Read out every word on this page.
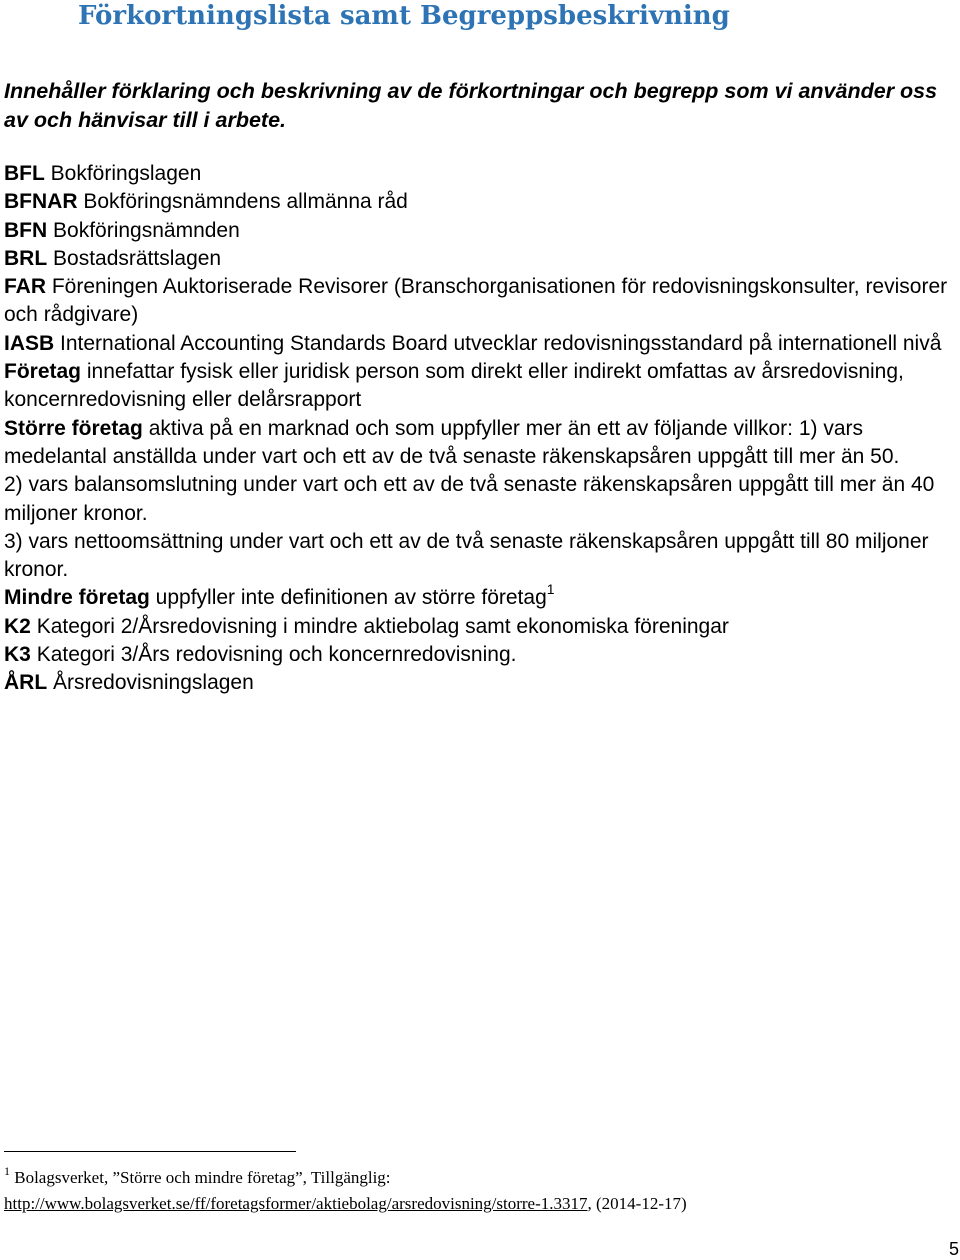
Förkortningslista samt Begreppsbeskrivning

Innehåller förklaring och beskrivning av de förkortningar och begrepp som vi använder oss av och hänvisar till i arbete.

BFL Bokföringslagen
BFNAR Bokföringsnämndens allmänna råd
BFN Bokföringsnämnden
BRL Bostadsrättslagen
FAR Föreningen Auktoriserade Revisorer (Branschorganisationen för redovisningskonsulter, revisorer och rådgivare)
IASB International Accounting Standards Board utvecklar redovisningsstandard på internationell nivå
Företag innefattar fysisk eller juridisk person som direkt eller indirekt omfattas av årsredovisning, koncernredovisning eller delårsrapport
Större företag aktiva på en marknad och som uppfyller mer än ett av följande villkor: 1) vars medelantal anställda under vart och ett av de två senaste räkenskapsåren uppgått till mer än 50.
2) vars balansomslutning under vart och ett av de två senaste räkenskapsåren uppgått till mer än 40 miljoner kronor.
3) vars nettoomsättning under vart och ett av de två senaste räkenskapsåren uppgått till 80 miljoner kronor.
Mindre företag uppfyller inte definitionen av större företag$^1$
K2 Kategori 2/Årsredovisning i mindre aktiebolag samt ekonomiska föreningar
K3 Kategori 3/Års redovisning och koncernredovisning.
ÅRL Årsredovisningslagen

$^1$ Bolagsverket, ”Större och mindre företag”, Tillgänglig:
http://www.bolagsverket.se/ff/foretagsformer/aktiebolag/arsredovisning/storre-1.3317, (2014-12-17)

5
